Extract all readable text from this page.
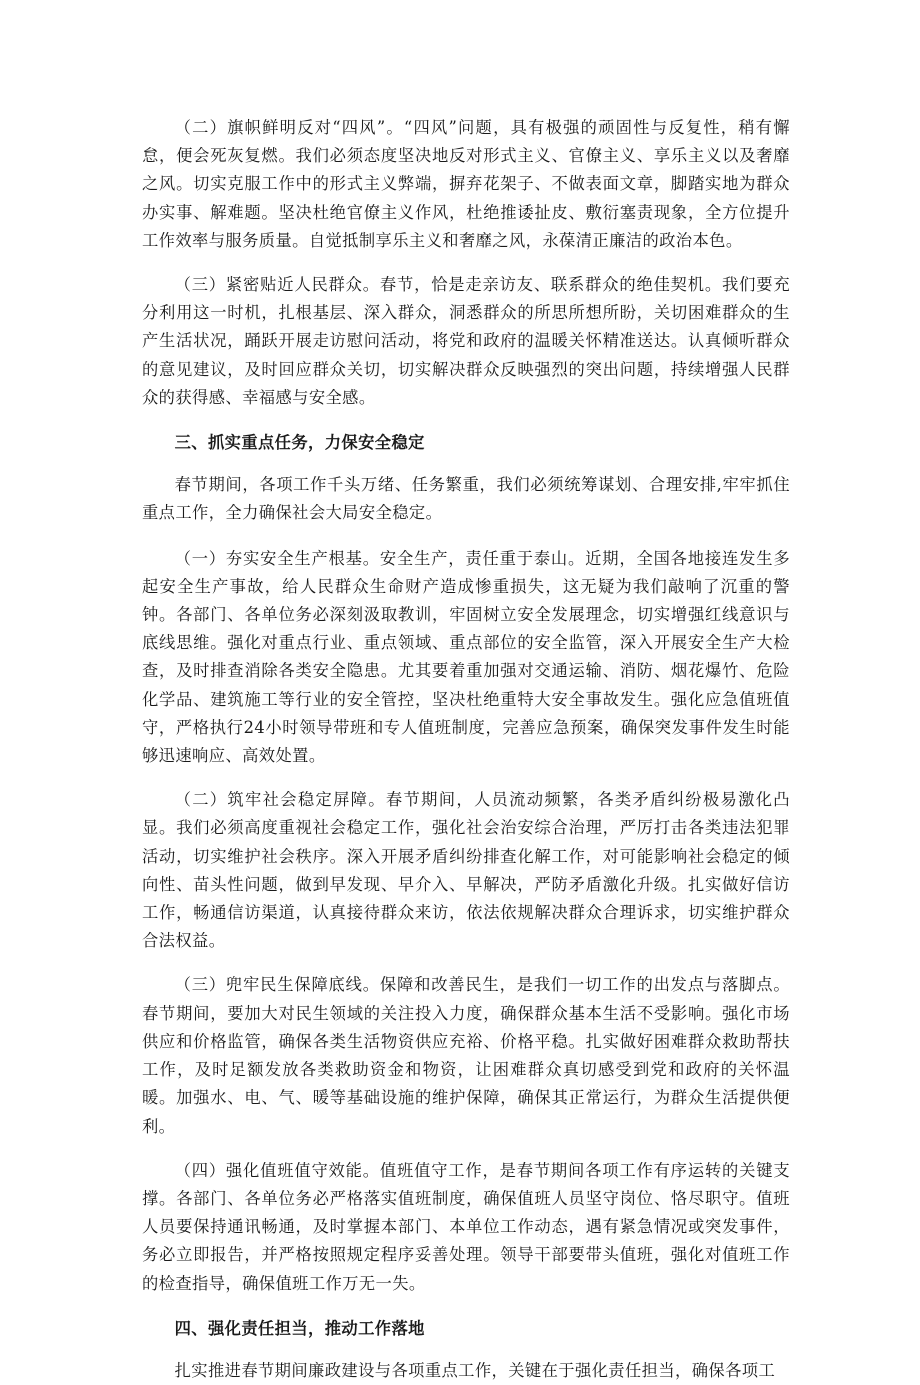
（二）旗帜鲜明反对“四风”。“四风”问题，具有极强的顽固性与反复性，稍有懈怠，便会死灰复燃。我们必须态度坚决地反对形式主义、官僚主义、享乐主义以及奢靡之风。切实克服工作中的形式主义弊端，摒弃花架子、不做表面文章，脚踏实地为群众办实事、解难题。坚决杜绝官僚主义作风，杜绝推诿扯皮、敷衍塞责现象，全方位提升工作效率与服务质量。自觉抵制享乐主义和奢靡之风，永葆清正廉洁的政治本色。

（三）紧密贴近人民群众。春节，恰是走亲访友、联系群众的绝佳契机。我们要充分利用这一时机，扎根基层、深入群众，洞悉群众的所思所想所盼，关切困难群众的生产生活状况，踊跃开展走访慰问活动，将党和政府的温暖关怀精准送达。认真倾听群众的意见建议，及时回应群众关切，切实解决群众反映强烈的突出问题，持续增强人民群众的获得感、幸福感与安全感。

三、抓实重点任务，力保安全稳定

春节期间，各项工作千头万绪、任务繁重，我们必须统筹谋划、合理安排,牢牢抓住重点工作，全力确保社会大局安全稳定。

（一）夯实安全生产根基。安全生产，责任重于泰山。近期，全国各地接连发生多起安全生产事故，给人民群众生命财产造成惨重损失，这无疑为我们敲响了沉重的警钟。各部门、各单位务必深刻汲取教训，牢固树立安全发展理念，切实增强红线意识与底线思维。强化对重点行业、重点领域、重点部位的安全监管，深入开展安全生产大检查，及时排查消除各类安全隐患。尤其要着重加强对交通运输、消防、烟花爆竹、危险化学品、建筑施工等行业的安全管控，坚决杜绝重特大安全事故发生。强化应急值班值守，严格执行24小时领导带班和专人值班制度，完善应急预案，确保突发事件发生时能够迅速响应、高效处置。

（二）筑牢社会稳定屏障。春节期间，人员流动频繁，各类矛盾纠纷极易激化凸显。我们必须高度重视社会稳定工作，强化社会治安综合治理，严厉打击各类违法犯罪活动，切实维护社会秩序。深入开展矛盾纠纷排查化解工作，对可能影响社会稳定的倾向性、苗头性问题，做到早发现、早介入、早解决，严防矛盾激化升级。扎实做好信访工作，畅通信访渠道，认真接待群众来访，依法依规解决群众合理诉求，切实维护群众合法权益。

（三）兜牢民生保障底线。保障和改善民生，是我们一切工作的出发点与落脚点。春节期间，要加大对民生领域的关注投入力度，确保群众基本生活不受影响。强化市场供应和价格监管，确保各类生活物资供应充裕、价格平稳。扎实做好困难群众救助帮扶工作，及时足额发放各类救助资金和物资，让困难群众真切感受到党和政府的关怀温暖。加强水、电、气、暖等基础设施的维护保障，确保其正常运行，为群众生活提供便利。

（四）强化值班值守效能。值班值守工作，是春节期间各项工作有序运转的关键支撑。各部门、各单位务必严格落实值班制度，确保值班人员坚守岗位、恪尽职守。值班人员要保持通讯畅通，及时掌握本部门、本单位工作动态，遇有紧急情况或突发事件，务必立即报告，并严格按照规定程序妥善处理。领导干部要带头值班，强化对值班工作的检查指导，确保值班工作万无一失。

四、强化责任担当，推动工作落地

扎实推进春节期间廉政建设与各项重点工作，关键在于强化责任担当，确保各项工
